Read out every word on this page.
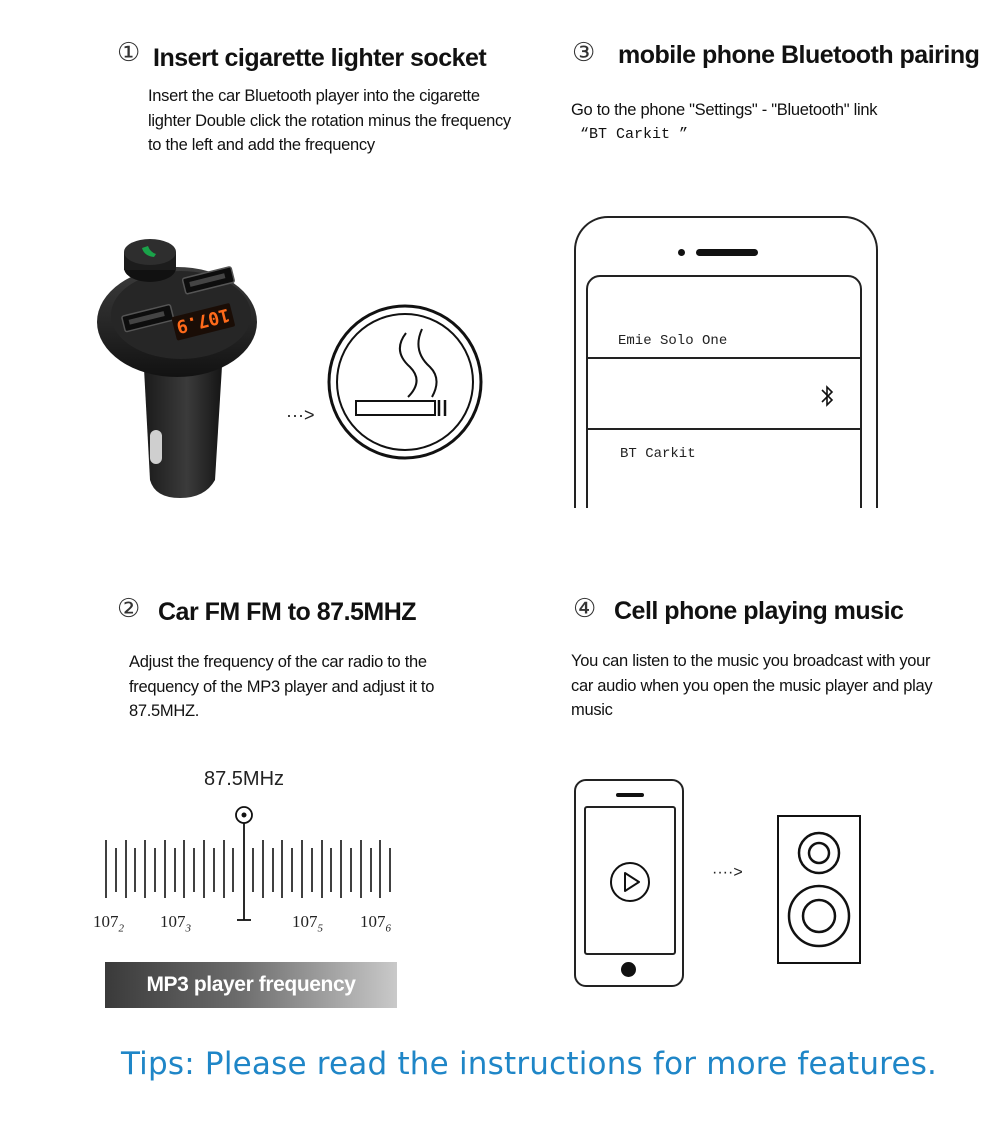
① Insert cigarette lighter socket
Insert the car Bluetooth player into the cigarette lighter Double click the rotation minus the frequency to the left and add the frequency
107.9
···>
③ mobile phone Bluetooth pairing
Go to the phone "Settings" - "Bluetooth" link
“BT Carkit ”
Emie Solo One
BT Carkit
② Car FM FM to 87.5MHZ
Adjust the frequency of the car radio to the frequency of the MP3 player and adjust it to 87.5MHZ.
87.5MHz
$107_2$ $107_3$	$107_5$ $107_6$
MP3 player frequency
④ Cell phone playing music
You can listen to the music you broadcast with your car audio when you open the music player and play music
····>
Tips: Please read the instructions for more features.
